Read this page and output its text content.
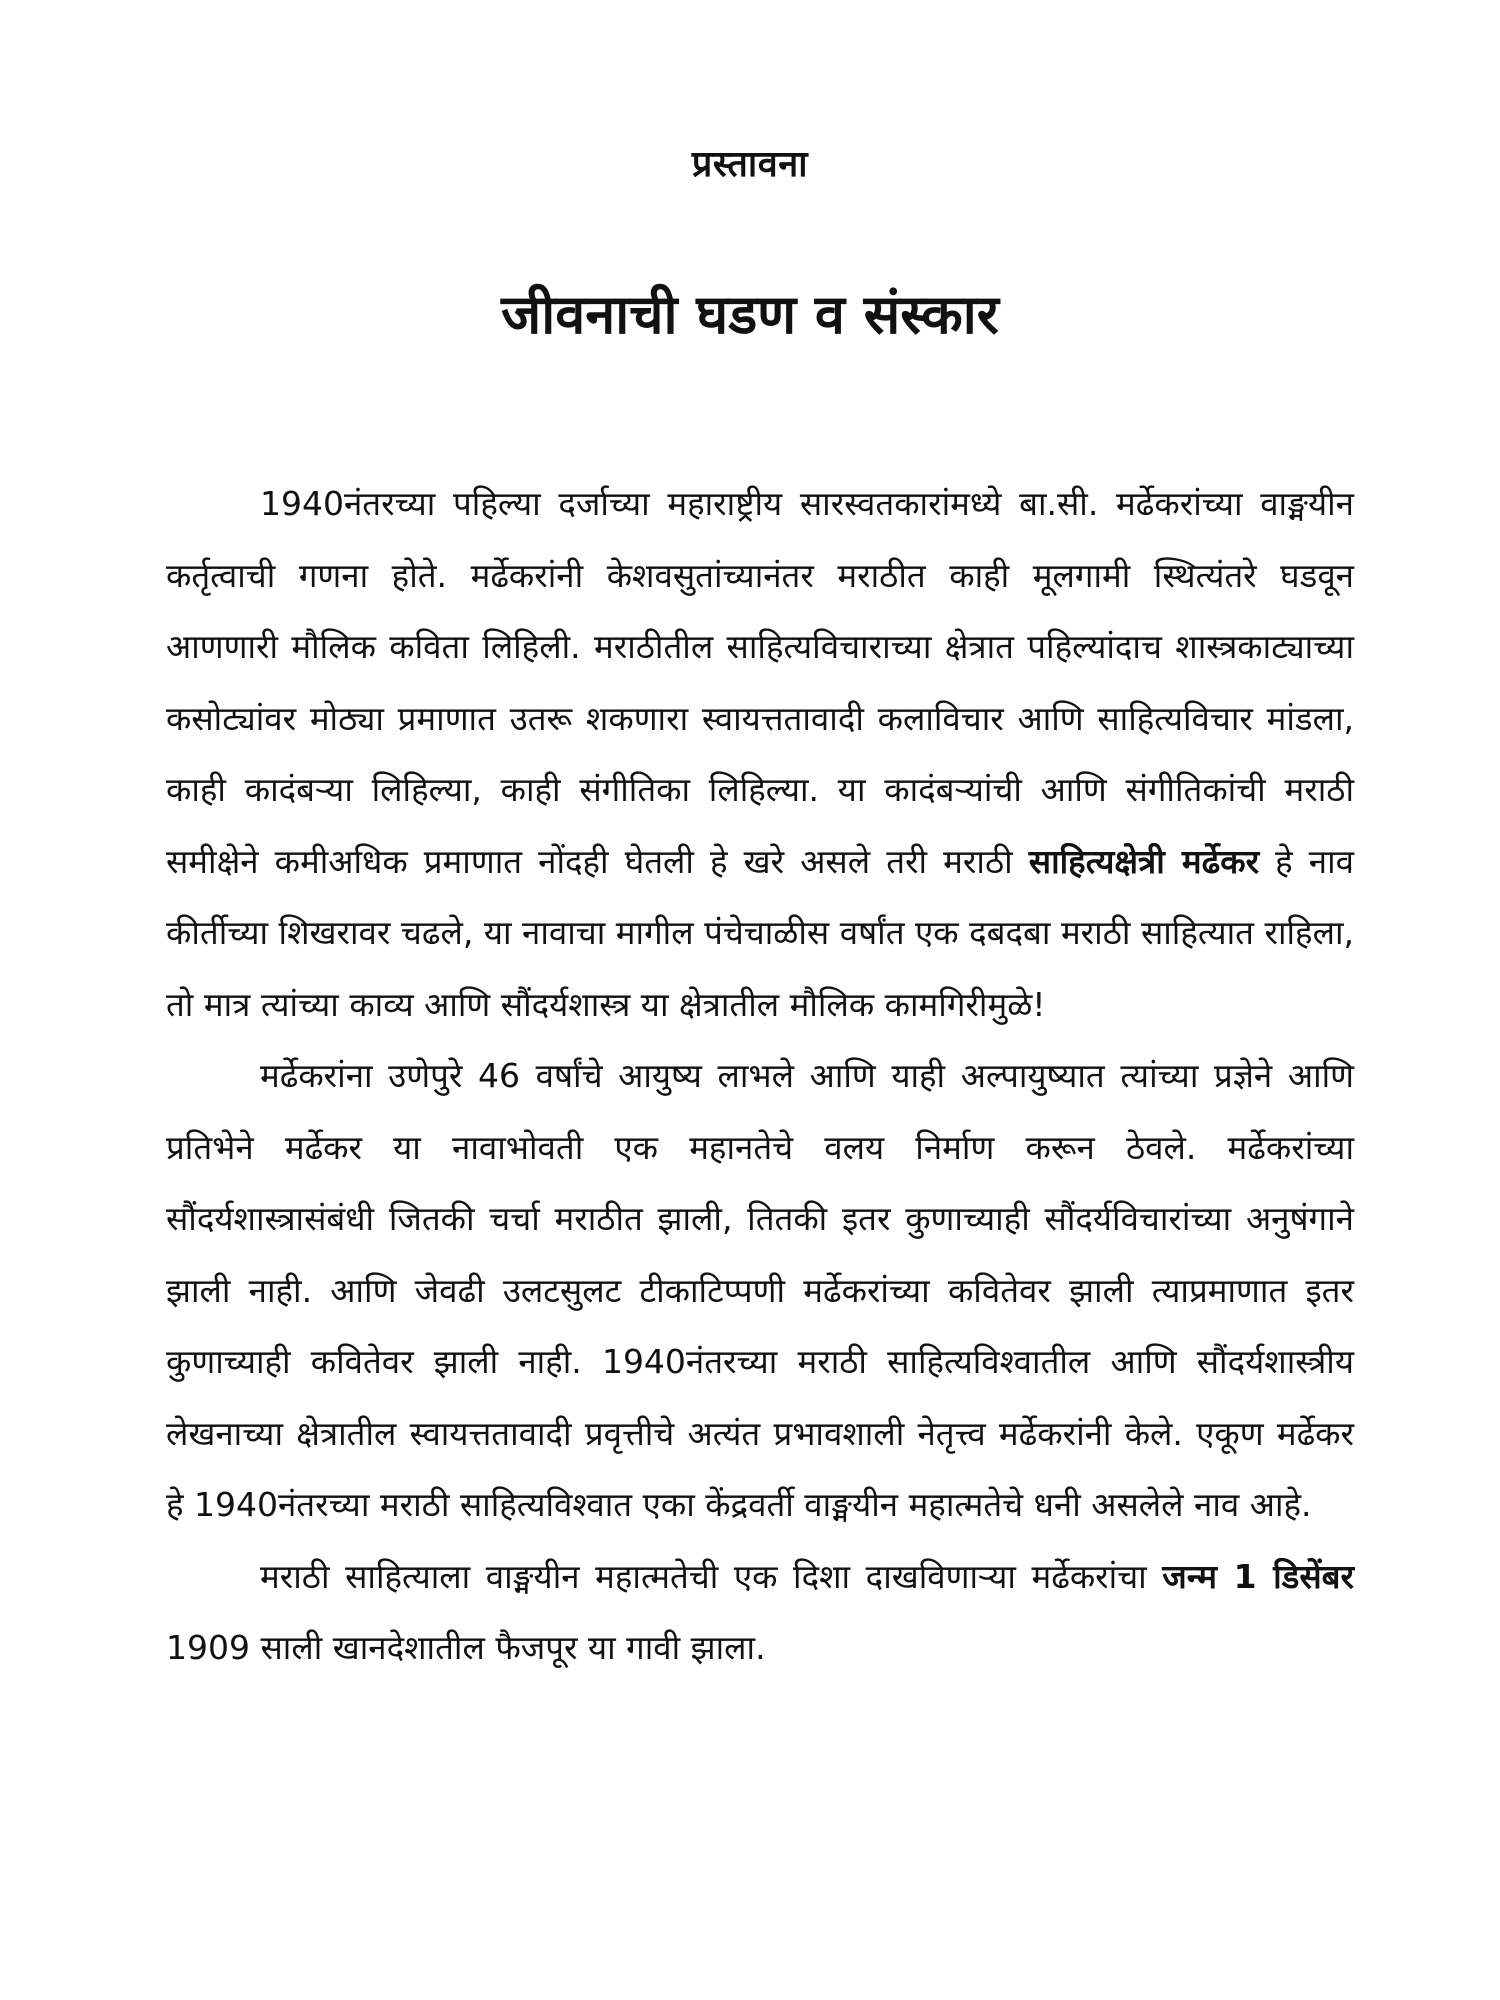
प्रस्तावना
जीवनाची घडण व संस्कार

1940नंतरच्या पहिल्या दर्जाच्या महाराष्ट्रीय सारस्वतकारांमध्ये बा.सी. मर्ढेकरांच्या वाङ्मयीन कर्तृत्वाची गणना होते. मर्ढेकरांनी केशवसुतांच्यानंतर मराठीत काही मूलगामी स्थित्यंतरे घडवून आणणारी मौलिक कविता लिहिली. मराठीतील साहित्यविचाराच्या क्षेत्रात पहिल्यांदाच शास्त्रकाट्याच्या कसोट्यांवर मोठ्या प्रमाणात उतरू शकणारा स्वायत्ततावादी कलाविचार आणि साहित्यविचार मांडला, काही कादंबऱ्या लिहिल्या, काही संगीतिका लिहिल्या. या कादंबऱ्यांची आणि संगीतिकांची मराठी समीक्षेने कमीअधिक प्रमाणात नोंदही घेतली हे खरे असले तरी मराठी साहित्यक्षेत्री मर्ढेकर हे नाव कीर्तीच्या शिखरावर चढले, या नावाचा मागील पंचेचाळीस वर्षांत एक दबदबा मराठी साहित्यात राहिला, तो मात्र त्यांच्या काव्य आणि सौंदर्यशास्त्र या क्षेत्रातील मौलिक कामगिरीमुळे!

मर्ढेकरांना उणेपुरे 46 वर्षांचे आयुष्य लाभले आणि याही अल्पायुष्यात त्यांच्या प्रज्ञेने आणि प्रतिभेने मर्ढेकर या नावाभोवती एक महानतेचे वलय निर्माण करून ठेवले. मर्ढेकरांच्या सौंदर्यशास्त्रासंबंधी जितकी चर्चा मराठीत झाली, तितकी इतर कुणाच्याही सौंदर्यविचारांच्या अनुषंगाने झाली नाही. आणि जेवढी उलटसुलट टीकाटिप्पणी मर्ढेकरांच्या कवितेवर झाली त्याप्रमाणात इतर कुणाच्याही कवितेवर झाली नाही. 1940नंतरच्या मराठी साहित्यविश्वातील आणि सौंदर्यशास्त्रीय लेखनाच्या क्षेत्रातील स्वायत्ततावादी प्रवृत्तीचे अत्यंत प्रभावशाली नेतृत्त्व मर्ढेकरांनी केले. एकूण मर्ढेकर हे 1940नंतरच्या मराठी साहित्यविश्वात एका केंद्रवर्ती वाङ्मयीन महात्मतेचे धनी असलेले नाव आहे.

मराठी साहित्याला वाङ्मयीन महात्मतेची एक दिशा दाखविणाऱ्या मर्ढेकरांचा जन्म 1 डिसेंबर 1909 साली खानदेशातील फैजपूर या गावी झाला.
